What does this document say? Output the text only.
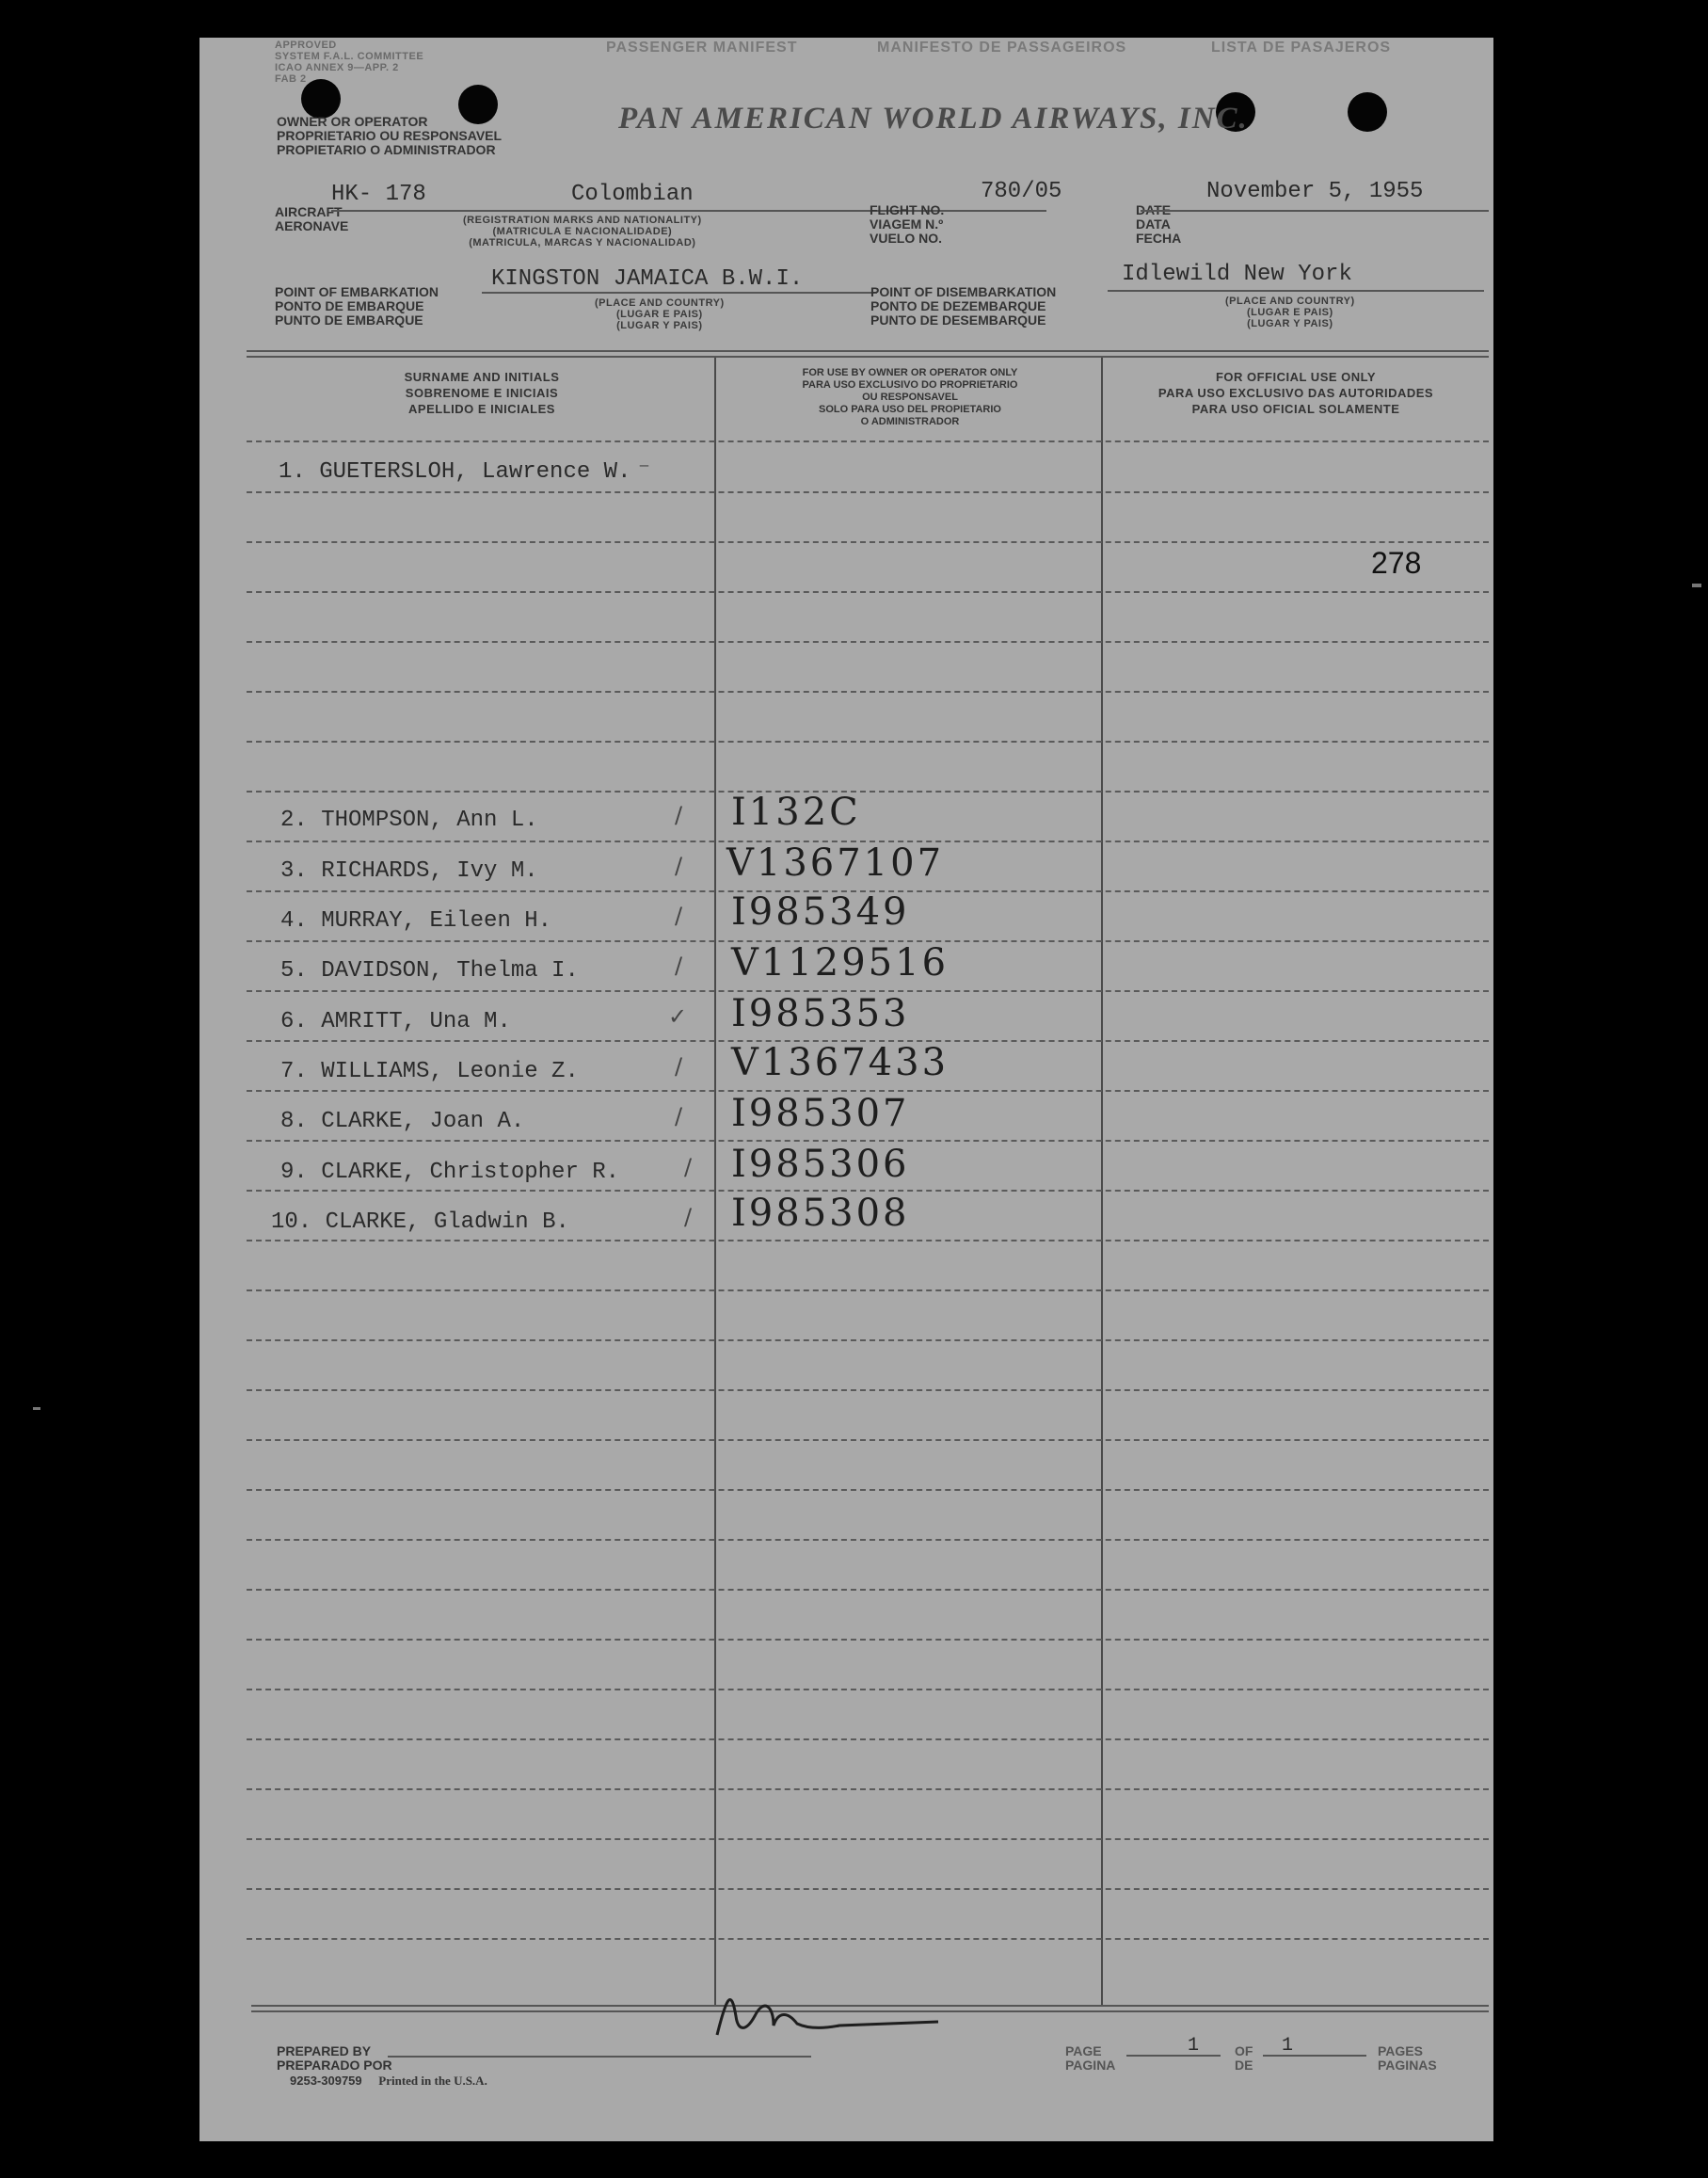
APPROVED
SYSTEM F.A.L. COMMITTEE
ICAO ANNEX 9—APP. 2
FAB 2
PASSENGER MANIFEST	MANIFESTO DE PASSAGEIROS	LISTA DE PASAJEROS
OWNER OR OPERATOR
PROPRIETARIO OU RESPONSAVEL
PROPIETARIO O ADMINISTRADOR
PAN AMERICAN WORLD AIRWAYS, INC.
AIRCRAFT
AERONAVE
HK- 178	Colombian
(REGISTRATION MARKS AND NATIONALITY)
(MATRICULA E NACIONALIDADE)
(MATRICULA, MARCAS Y NACIONALIDAD)
FLIGHT NO.
VIAGEM N.º
VUELO NO.
780/05
DATE
DATA
FECHA
November 5, 1955
POINT OF EMBARKATION
PONTO DE EMBARQUE
PUNTO DE EMBARQUE
KINGSTON JAMAICA B.W.I.
(PLACE AND COUNTRY)
(LUGAR E PAIS)
(LUGAR Y PAIS)
POINT OF DISEMBARKATION
PONTO DE DEZEMBARQUE
PUNTO DE DESEMBARQUE
Idlewild New York
(PLACE AND COUNTRY)
(LUGAR E PAIS)
(LUGAR Y PAIS)
SURNAME AND INITIALS
SOBRENOME E INICIAIS
APELLIDO E INICIALES
FOR USE BY OWNER OR OPERATOR ONLY
PARA USO EXCLUSIVO DO PROPRIETARIO
OU RESPONSAVEL
SOLO PARA USO DEL PROPIETARIO
O ADMINISTRADOR
FOR OFFICIAL USE ONLY
PARA USO EXCLUSIVO DAS AUTORIDADES
PARA USO OFICIAL SOLAMENTE
1. GUETERSLOH, Lawrence W. ⁻
278
2. THOMPSON, Ann L.	/ I132C
3. RICHARDS, Ivy M.	/ V1367107
4. MURRAY, Eileen H.	/ I985349
5. DAVIDSON, Thelma I.	/ V1129516
6. AMRITT, Una M.	✓ I985353
7. WILLIAMS, Leonie Z.	/ V1367433
8. CLARKE, Joan A.	/ I985307
9. CLARKE, Christopher R.	/ I985306
10. CLARKE, Gladwin B.	/ I985308
PREPARED BY
PREPARADO POR
9253-309759 Printed in the U.S.A.
PAGE
PAGINA
1	OF
DE
1	PAGES
PAGINAS
